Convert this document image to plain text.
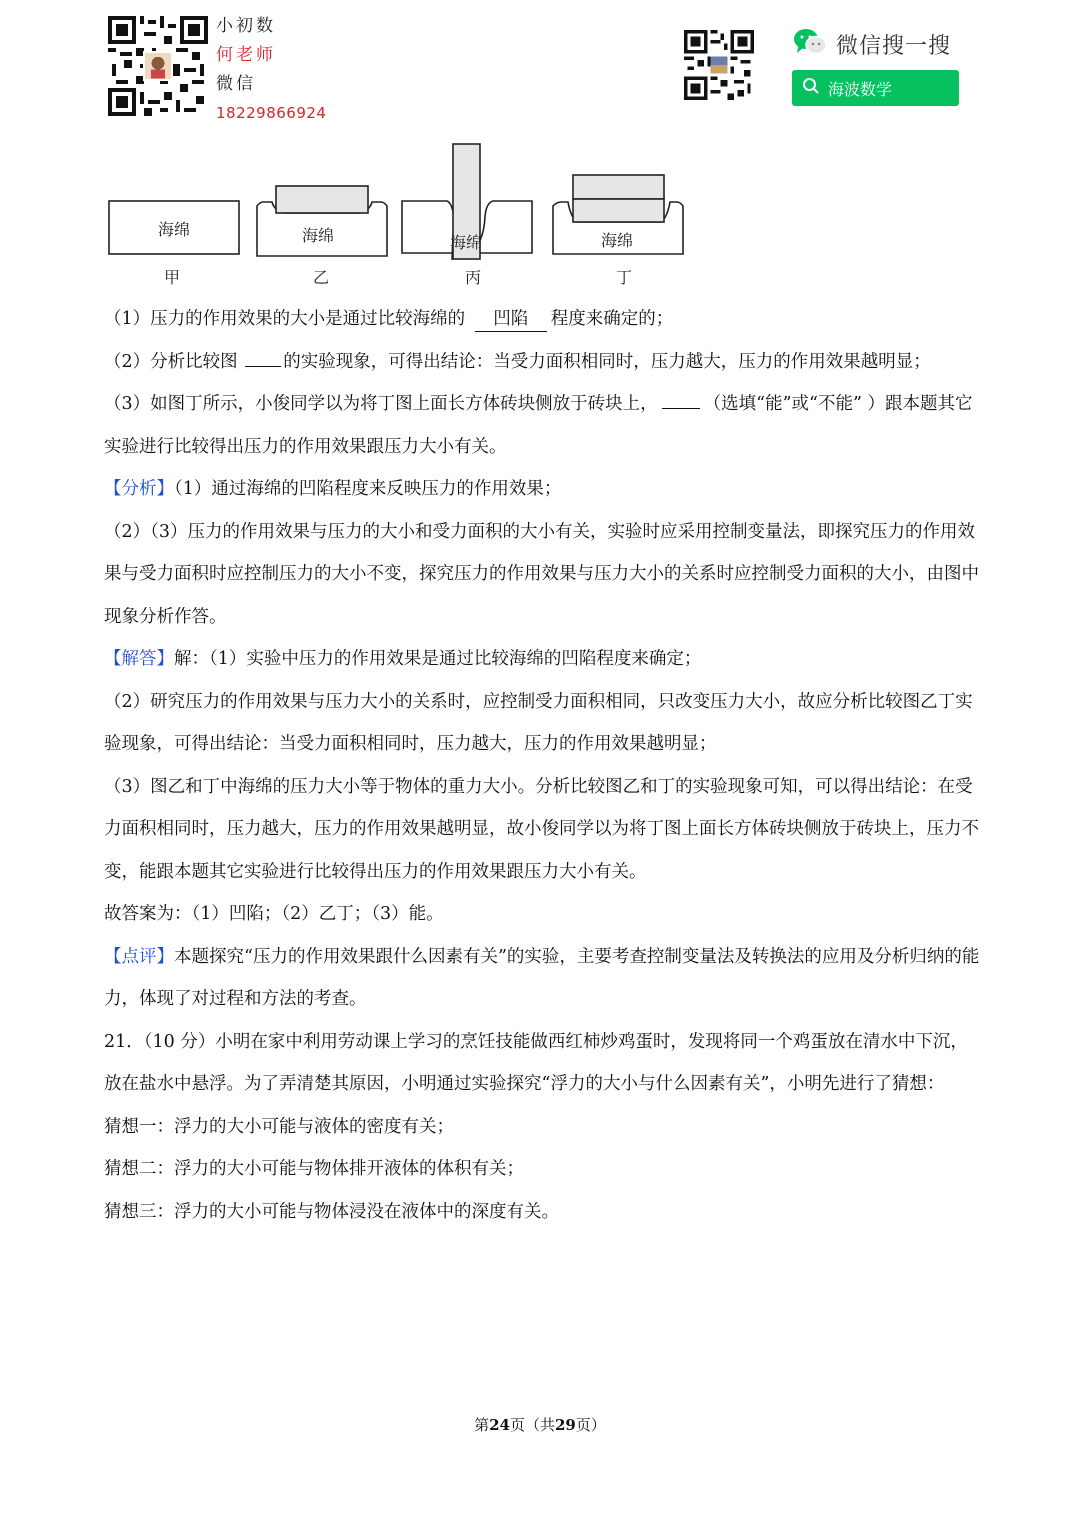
小初数
何老师
微信
18229866924
微信搜一搜
海波数学
海绵
甲
海绵
乙
海绵
丙
海绵
丁

（1）压力的作用效果的大小是通过比较海绵的 凹陷 程度来确定的；

（2）分析比较图	的实验现象，可得出结论：当受力面积相同时，压力越大，压力的作用效果越明显；

（3）如图丁所示，小俊同学以为将丁图上面长方体砖块侧放于砖块上，	（选填“能”或“不能” ）跟本题其它实验进行比较得出压力的作用效果跟压力大小有关。

【分析】（1）通过海绵的凹陷程度来反映压力的作用效果；

（2）（3）压力的作用效果与压力的大小和受力面积的大小有关，实验时应采用控制变量法，即探究压力的作用效果与受力面积时应控制压力的大小不变，探究压力的作用效果与压力大小的关系时应控制受力面积的大小，由图中现象分析作答。

【解答】解：（1）实验中压力的作用效果是通过比较海绵的凹陷程度来确定；

（2）研究压力的作用效果与压力大小的关系时，应控制受力面积相同，只改变压力大小，故应分析比较图乙丁实验现象，可得出结论：当受力面积相同时，压力越大，压力的作用效果越明显；

（3）图乙和丁中海绵的压力大小等于物体的重力大小。分析比较图乙和丁的实验现象可知，可以得出结论：在受力面积相同时，压力越大，压力的作用效果越明显，故小俊同学以为将丁图上面长方体砖块侧放于砖块上，压力不变，能跟本题其它实验进行比较得出压力的作用效果跟压力大小有关。

故答案为：（1）凹陷；（2）乙丁；（3）能。

【点评】本题探究“压力的作用效果跟什么因素有关”的实验，主要考查控制变量法及转换法的应用及分析归纳的能力，体现了对过程和方法的考查。

21．（10 分）小明在家中利用劳动课上学习的烹饪技能做西红柿炒鸡蛋时，发现将同一个鸡蛋放在清水中下沉，放在盐水中悬浮。为了弄清楚其原因，小明通过实验探究“浮力的大小与什么因素有关”，小明先进行了猜想：

猜想一：浮力的大小可能与液体的密度有关；

猜想二：浮力的大小可能与物体排开液体的体积有关；

猜想三：浮力的大小可能与物体浸没在液体中的深度有关。

第24页（共29页）
